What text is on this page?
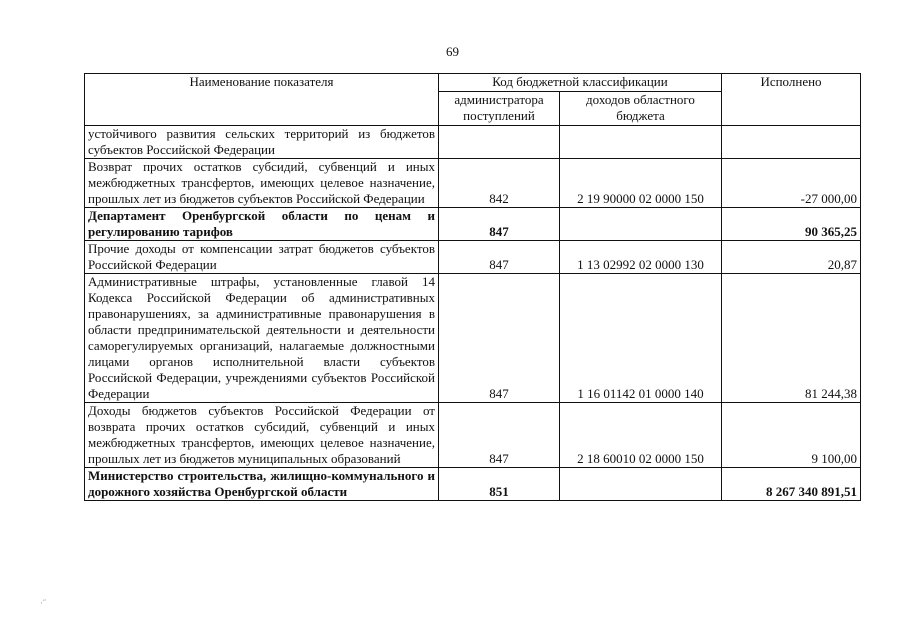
69
Наименование показателя	Код бюджетной классификации		Исполнено
	администратора поступлений	доходов областного бюджета	
устойчивого развития сельских территорий из бюджетов субъектов Российской Федерации			
Возврат прочих остатков субсидий, субвенций и иных межбюджетных трансфертов, имеющих целевое назначение, прошлых лет из бюджетов субъектов Российской Федерации	842	2 19 90000 02 0000 150	-27 000,00
Департамент Оренбургской области по ценам и регулированию тарифов	847		90 365,25
Прочие доходы от компенсации затрат бюджетов субъектов Российской Федерации	847	1 13 02992 02 0000 130	20,87
Административные штрафы, установленные главой 14 Кодекса Российской Федерации об административных правонарушениях, за административные правонарушения в области предпринимательской деятельности и деятельности саморегулируемых организаций, налагаемые должностными лицами органов исполнительной власти субъектов Российской Федерации, учреждениями субъектов Российской Федерации	847	1 16 01142 01 0000 140	81 244,38
Доходы бюджетов субъектов Российской Федерации от возврата прочих остатков субсидий, субвенций и иных межбюджетных трансфертов, имеющих целевое назначение, прошлых лет из бюджетов муниципальных образований	847	2 18 60010 02 0000 150	9 100,00
Министерство строительства, жилищно-коммунального и дорожного хозяйства Оренбургской области	851		8 267 340 891,51
·˝
